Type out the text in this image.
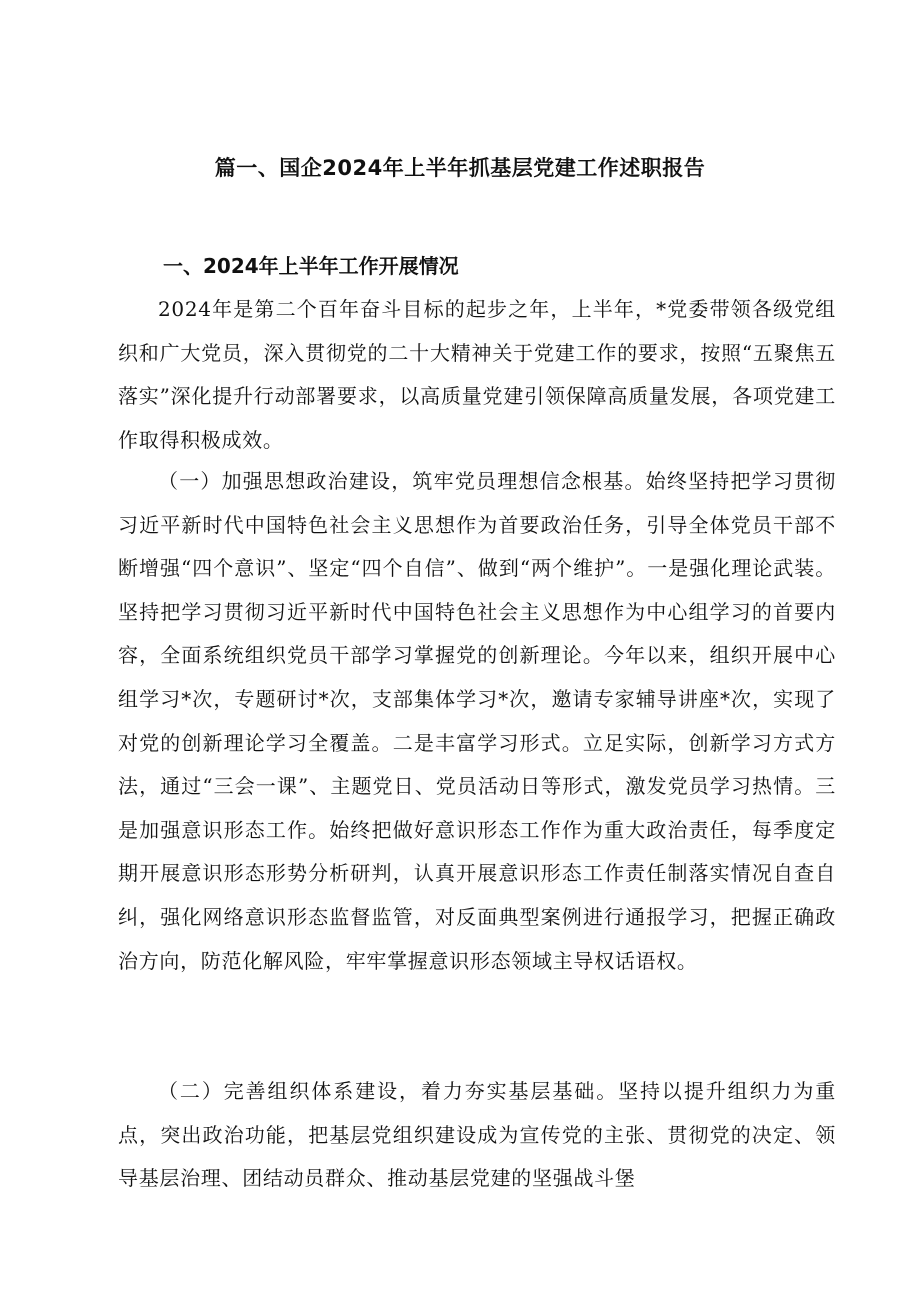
篇一、国企2024年上半年抓基层党建工作述职报告
一、2024年上半年工作开展情况

2024年是第二个百年奋斗目标的起步之年，上半年，*党委带领各级党组织和广大党员，深入贯彻党的二十大精神关于党建工作的要求，按照“五聚焦五落实”深化提升行动部署要求，以高质量党建引领保障高质量发展，各项党建工作取得积极成效。

（一）加强思想政治建设，筑牢党员理想信念根基。始终坚持把学习贯彻习近平新时代中国特色社会主义思想作为首要政治任务，引导全体党员干部不断增强“四个意识”、坚定“四个自信”、做到“两个维护”。一是强化理论武装。坚持把学习贯彻习近平新时代中国特色社会主义思想作为中心组学习的首要内容，全面系统组织党员干部学习掌握党的创新理论。今年以来，组织开展中心组学习*次，专题研讨*次，支部集体学习*次，邀请专家辅导讲座*次，实现了对党的创新理论学习全覆盖。二是丰富学习形式。立足实际，创新学习方式方法，通过“三会一课”、主题党日、党员活动日等形式，激发党员学习热情。三是加强意识形态工作。始终把做好意识形态工作作为重大政治责任，每季度定期开展意识形态形势分析研判，认真开展意识形态工作责任制落实情况自查自纠，强化网络意识形态监督监管，对反面典型案例进行通报学习，把握正确政治方向，防范化解风险，牢牢掌握意识形态领域主导权话语权。

（二）完善组织体系建设，着力夯实基层基础。坚持以提升组织力为重点，突出政治功能，把基层党组织建设成为宣传党的主张、贯彻党的决定、领导基层治理、团结动员群众、推动基层党建的坚强战斗堡
